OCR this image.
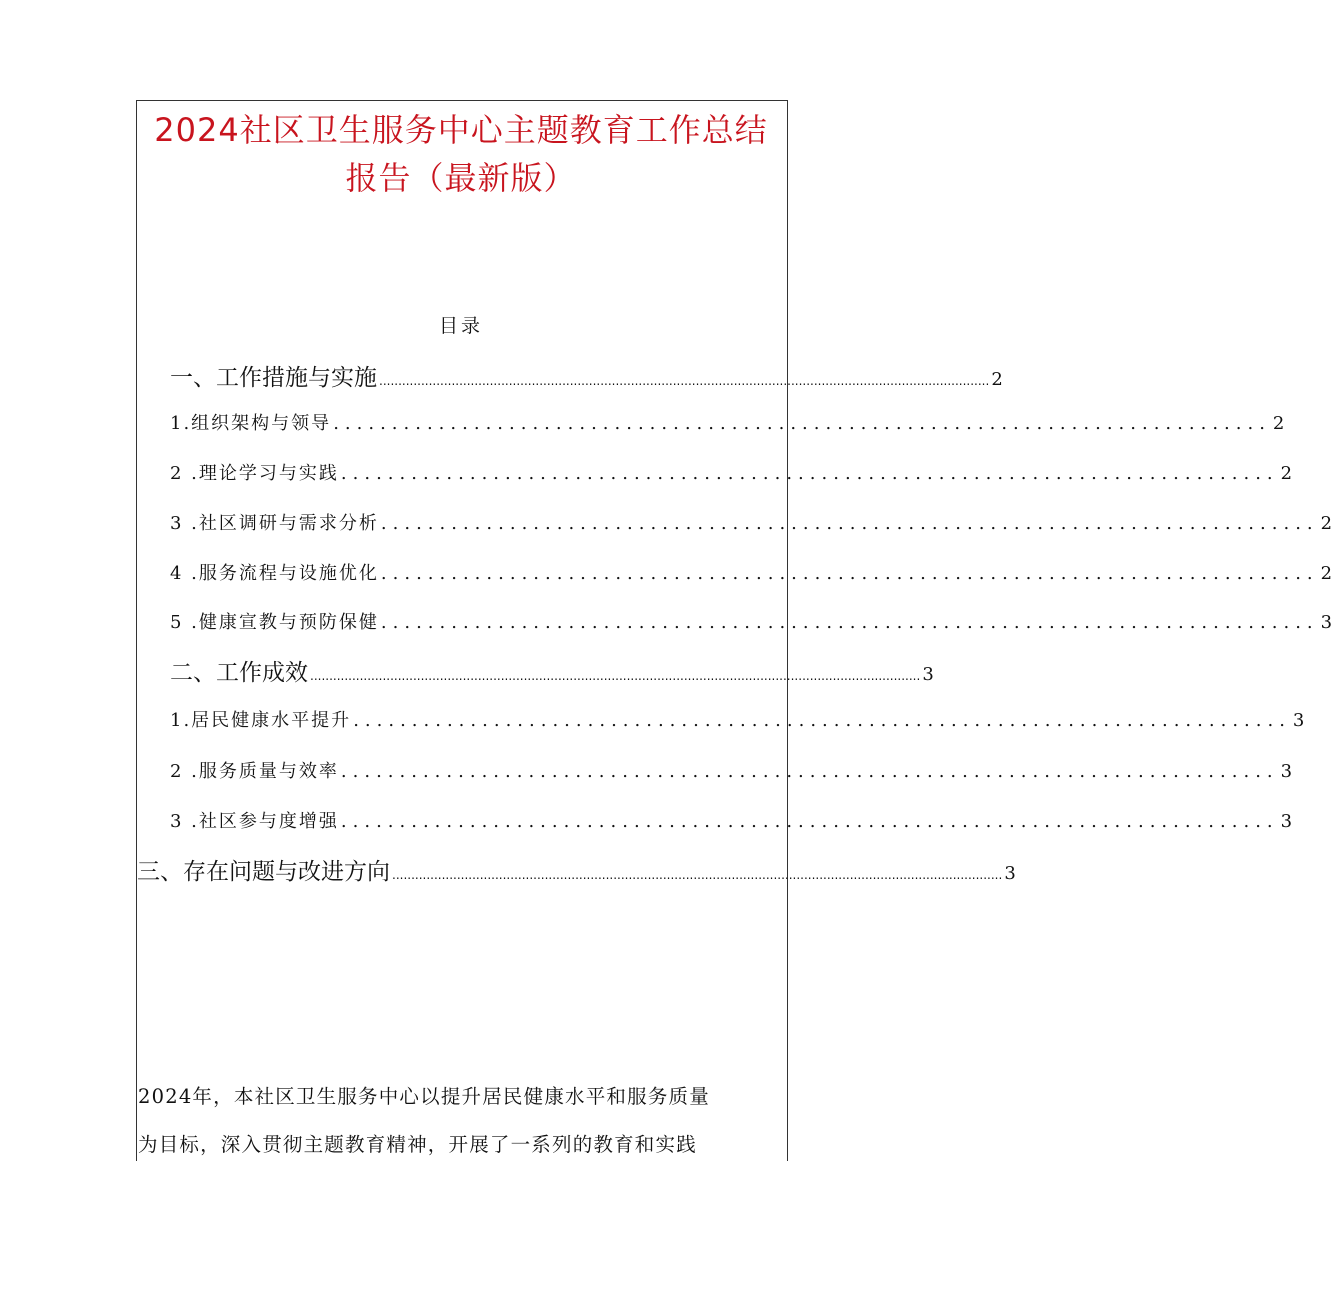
2024社区卫生服务中心主题教育工作总结
报告（最新版）
目录
一、工作措施与实施 ................................................................................................................................................................ 2
1.组织架构与领导 ................................................................................ 2
2 .理论学习与实践 ................................................................................ 2
3 .社区调研与需求分析 ................................................................................ 2
4 .服务流程与设施优化 ................................................................................ 2
5 .健康宣教与预防保健 ................................................................................ 3
二、工作成效 ................................................................................................................................................................ 3
1.居民健康水平提升 ................................................................................ 3
2 .服务质量与效率 ................................................................................ 3
3 .社区参与度增强 ................................................................................ 3
三、存在问题与改进方向 ................................................................................................................................................................ 3
2024年，本社区卫生服务中心以提升居民健康水平和服务质量
为目标，深入贯彻主题教育精神，开展了一系列的教育和实践
